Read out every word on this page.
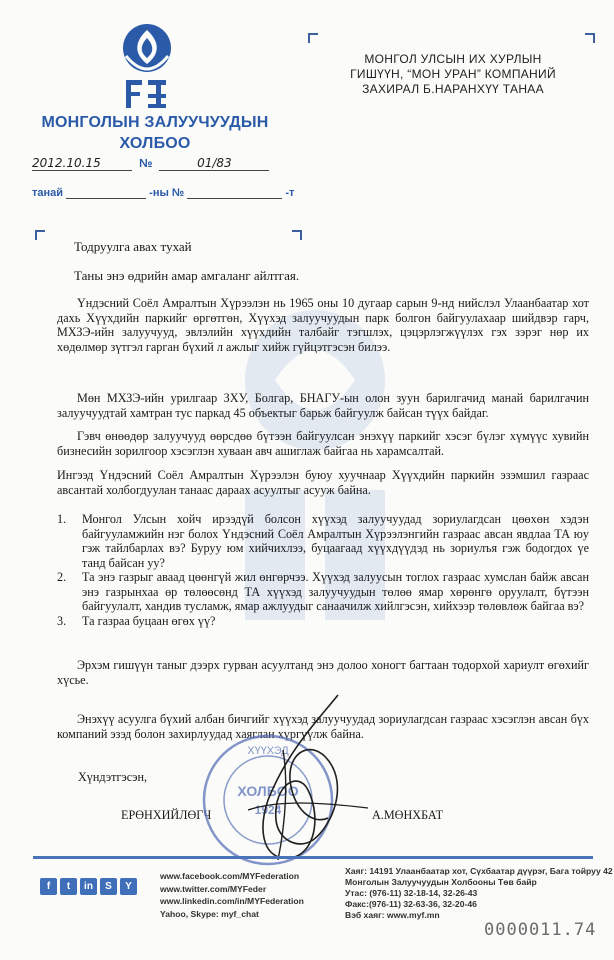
МОНГОЛЫН ЗАЛУУЧУУДЫН
ХОЛБОО
2012.10.15	№	01/83
танай	-ны №	-т
МОНГОЛ УЛСЫН ИХ ХУРЛЫН
ГИШҮҮН, “МОН УРАН” КОМПАНИЙ
ЗАХИРАЛ Б.НАРАНХҮҮ ТАНАА
Тодруулга авах тухай
Таны энэ өдрийн амар амгаланг айлтгая.
Үндэсний Соёл Амралтын Хүрээлэн нь 1965 оны 10 дугаар сарын 9-нд нийслэл Улаанбаатар хот дахь Хүүхдийн паркийг өргөтгөн, Хүүхэд залуучуудын парк болгон байгуулахаар шийдвэр гарч, МХЗЭ-ийн залуучууд, эвлэлийн хүүхдийн талбайг тэгшлэх, цэцэрлэгжүүлэх гэх зэрэг нөр их хөдөлмөр зүтгэл гарган бүхий л ажлыг хийж гүйцэтгэсэн билээ.
Мөн МХЗЭ-ийн урилгаар ЗХУ, Болгар, БНАГУ-ын олон зуун барилгачид манай барилгачин залуучуудтай хамтран тус паркад 45 объектыг барьж байгуулж байсан түүх байдаг.
Гэвч өнөөдөр залуучууд өөрсдөө бүтээн байгуулсан энэхүү паркийг хэсэг бүлэг хүмүүс хувийн бизнесийн зорилгоор хэсэглэн хуваан авч ашиглаж байгаа нь харамсалтай.
Ингээд Үндэсний Соёл Амралтын Хүрээлэн буюу хуучнаар Хүүхдийн паркийн эзэмшил газраас авсантай холбогдуулан танаас дараах асуултыг асууж байна.
1. Монгол Улсын хойч ирээдүй болсон хүүхэд залуучуудад зориулагдсан цөөхөн хэдэн байгууламжийн нэг болох Үндэсний Соёл Амралтын Хүрээлэнгийн газраас авсан явдлаа ТА юу гэж тайлбарлах вэ? Буруу юм хийчихлээ, буцаагаад хүүхдүүдэд нь зориулъя гэж бодогдох үе танд байсан уу?
2. Та энэ газрыг аваад цөөнгүй жил өнгөрчээ. Хүүхэд залуусын тоглох газраас хумслан байж авсан энэ газрынхаа өр төлөөсөнд ТА хүүхэд залуучуудын төлөө ямар хөрөнгө оруулалт, бүтээн байгуулалт, хандив тусламж, ямар ажлуудыг санаачилж хийлгэсэн, хийхээр төлөвлөж байгаа вэ?
3. Та газраа буцаан өгөх үү?
Эрхэм гишүүн таныг дээрх гурван асуултанд энэ долоо хоногт багтаан тодорхой хариулт өгөхийг хүсье.
Энэхүү асуулга бүхий албан бичгийг хүүхэд залуучуудад зориулагдсан газраас хэсэглэн авсан бүх компаний эзэд болон захирлуудад хаяглан хүргүүлж байна.
Хүндэтгэсэн,
ЕРӨНХИЙЛӨГЧ	А.МӨНХБАТ
ХҮҮХЭД
ХОЛБОО
1924
f	t	in	S	Y
www.facebook.com/MYFederation
www.twitter.com/MYFeder
www.linkedin.com/in/MYFederation
Yahoo, Skype: myf_chat
Хаяг: 14191 Улаанбаатар хот, Сүхбаатар дүүрэг, Бага тойруу 42
Монголын Залуучуудын Холбооны Төв байр
Утас: (976-11) 32-18-14, 32-26-43
Факс:(976-11) 32-63-36, 32-20-46
Вэб хаяг: www.myf.mn
0000011.74
